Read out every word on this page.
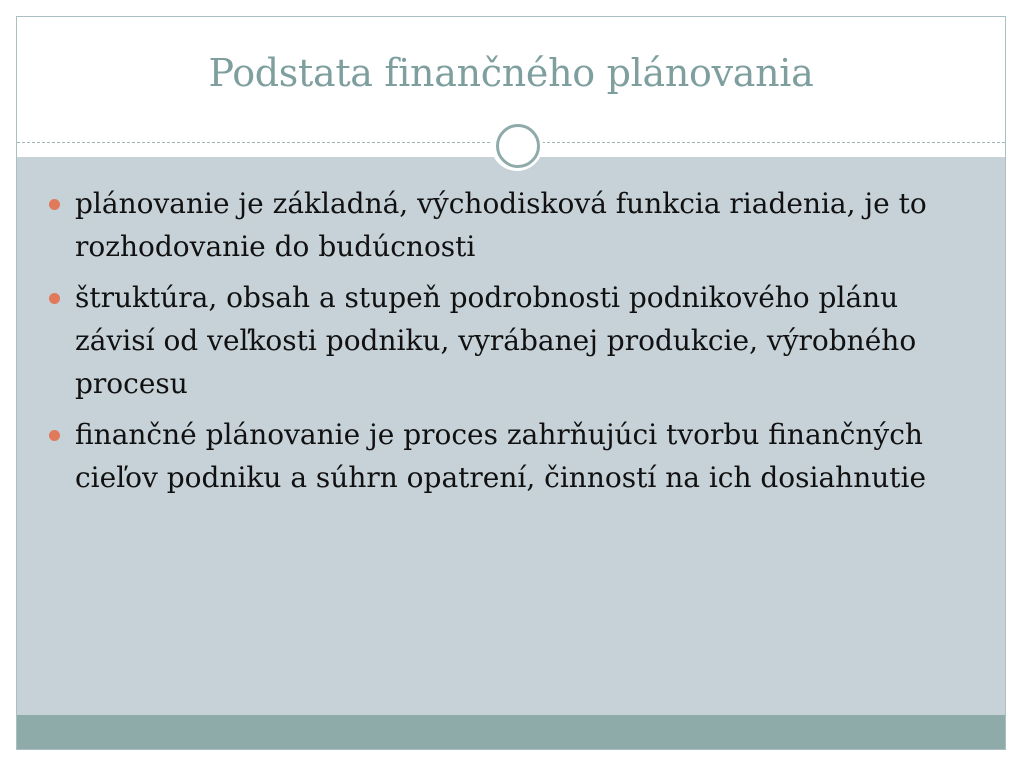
Podstata finančného plánovania
plánovanie je základná, východisková funkcia riadenia, je to rozhodovanie do budúcnosti
štruktúra, obsah a stupeň podrobnosti podnikového plánu závisí od veľkosti podniku, vyrábanej produkcie, výrobného procesu
finančné plánovanie je proces zahrňujúci tvorbu finančných cieľov podniku a súhrn opatrení, činností na ich dosiahnutie
